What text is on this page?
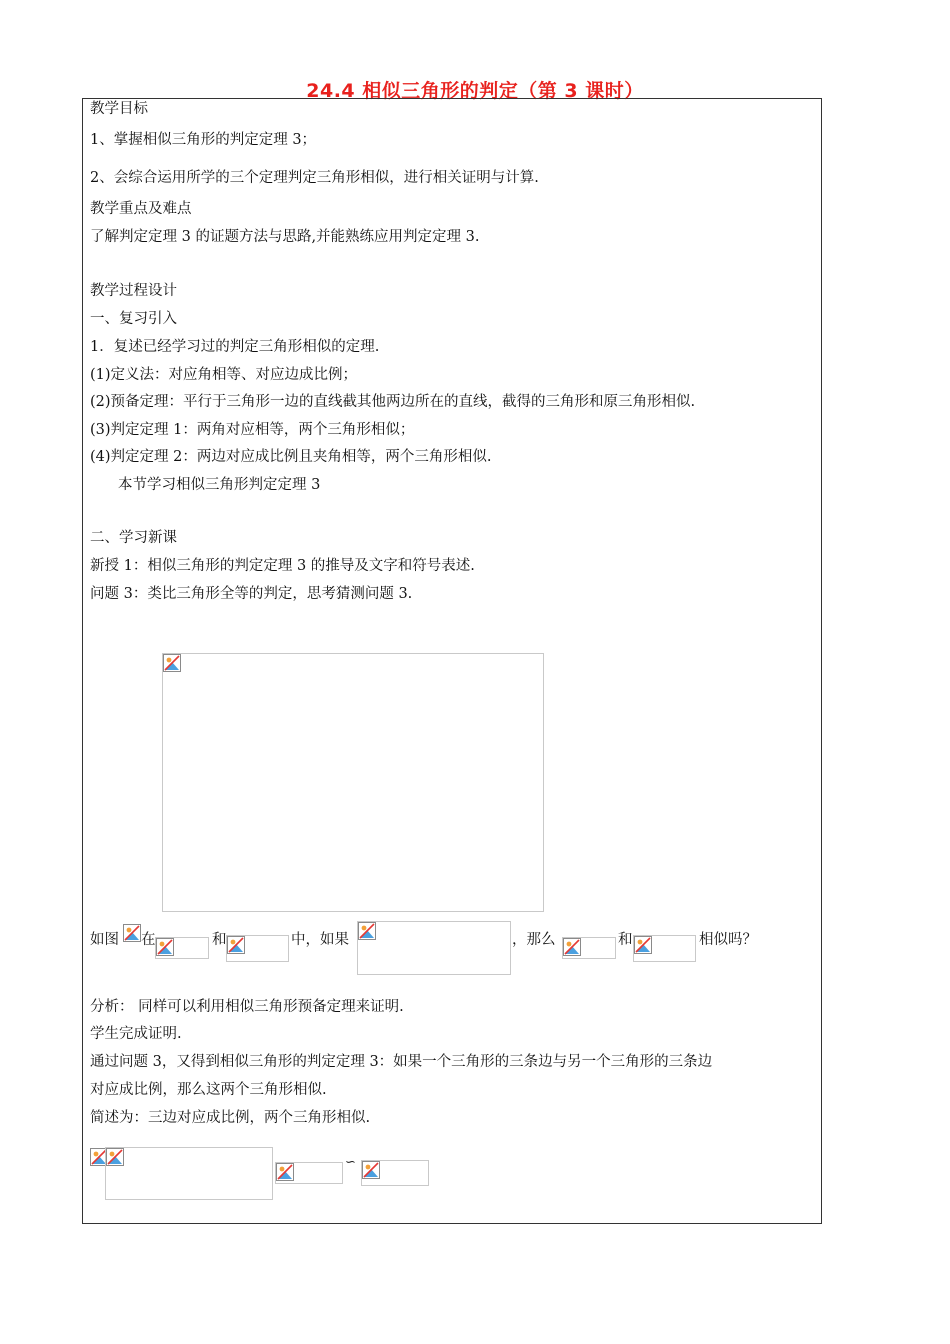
24.4 相似三角形的判定（第 3 课时）
教学目标
1、掌握相似三角形的判定定理 3；
2、会综合运用所学的三个定理判定三角形相似，进行相关证明与计算.
教学重点及难点
了解判定定理 3 的证题方法与思路,并能熟练应用判定定理 3.
教学过程设计
一、复习引入
1．复述已经学习过的判定三角形相似的定理.
(1)定义法：对应角相等、对应边成比例；
(2)预备定理：平行于三角形一边的直线截其他两边所在的直线，截得的三角形和原三角形相似.
(3)判定定理 1：两角对应相等，两个三角形相似；
(4)判定定理 2：两边对应成比例且夹角相等，两个三角形相似.
本节学习相似三角形判定定理 3
二、学习新课
新授 1：相似三角形的判定定理 3 的推导及文字和符号表述.
问题 3：类比三角形全等的判定，思考猜测问题 3.
如图 在	和	中，如果	，那么	和	相似吗？
分析： 同样可以利用相似三角形预备定理来证明.
学生完成证明.
通过问题 3，又得到相似三角形的判定定理 3：如果一个三角形的三条边与另一个三角形的三条边
对应成比例，那么这两个三角形相似.
简述为：三边对应成比例，两个三角形相似.
∽
